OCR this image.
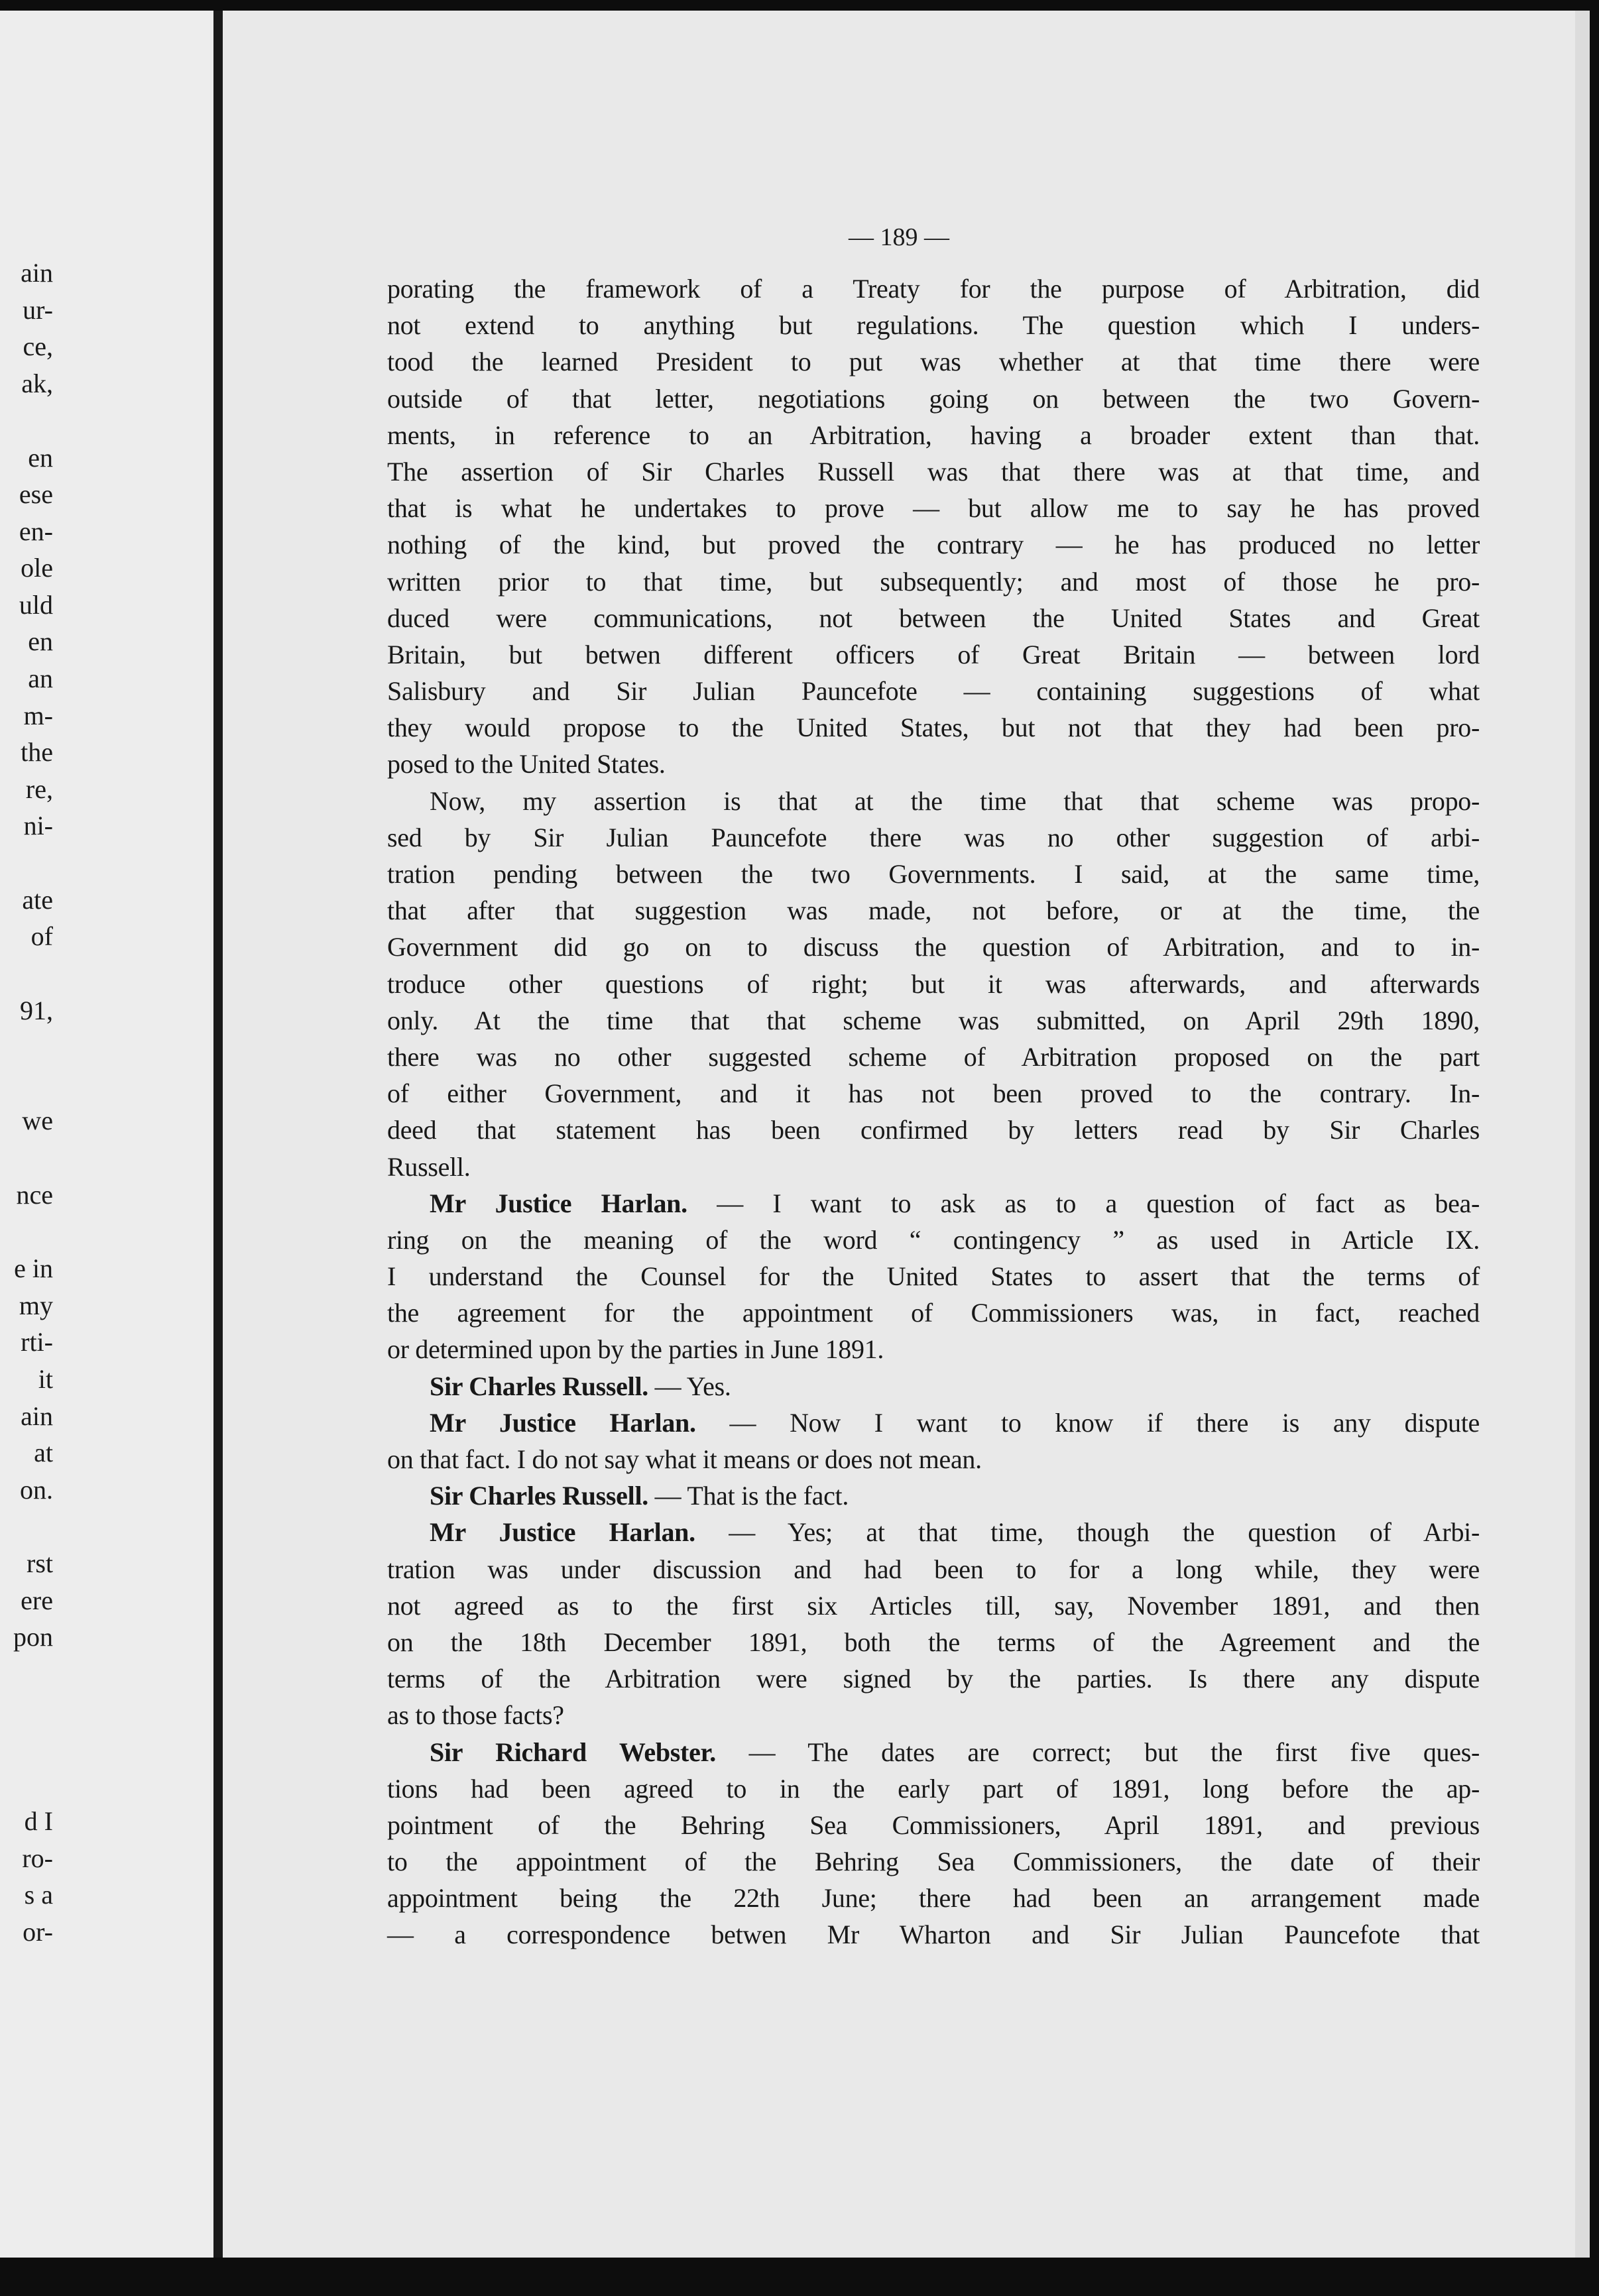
ain
ur-
ce,
ak,
en
ese
en-
ole
uld
en
an
m-
the
re,
ni-
ate
of
91,
we
nce
e in
my
rti-
it
ain
at
on.
rst
ere
pon
d I
ro-
s a
or-
— 189 —
porating the framework of a Treaty for the purpose of Arbitration, did
not extend to anything but regulations. The question which I unders-
tood the learned President to put was whether at that time there were
outside of that letter, negotiations going on between the two Govern-
ments, in reference to an Arbitration, having a broader extent than that.
The assertion of Sir Charles Russell was that there was at that time, and
that is what he undertakes to prove — but allow me to say he has proved
nothing of the kind, but proved the contrary — he has produced no letter
written prior to that time, but subsequently; and most of those he pro-
duced were communications, not between the United States and Great
Britain, but betwen different officers of Great Britain — between lord
Salisbury and Sir Julian Pauncefote — containing suggestions of what
they would propose to the United States, but not that they had been pro-
posed to the United States.
Now, my assertion is that at the time that that scheme was propo-
sed by Sir Julian Pauncefote there was no other suggestion of arbi-
tration pending between the two Governments. I said, at the same time,
that after that suggestion was made, not before, or at the time, the
Government did go on to discuss the question of Arbitration, and to in-
troduce other questions of right; but it was afterwards, and afterwards
only. At the time that that scheme was submitted, on April 29th 1890,
there was no other suggested scheme of Arbitration proposed on the part
of either Government, and it has not been proved to the contrary. In-
deed that statement has been confirmed by letters read by Sir Charles
Russell.
Mr Justice Harlan. — I want to ask as to a question of fact as bea-
ring on the meaning of the word “ contingency ” as used in Article IX.
I understand the Counsel for the United States to assert that the terms of
the agreement for the appointment of Commissioners was, in fact, reached
or determined upon by the parties in June 1891.
Sir Charles Russell. — Yes.
Mr Justice Harlan. — Now I want to know if there is any dispute
on that fact. I do not say what it means or does not mean.
Sir Charles Russell. — That is the fact.
Mr Justice Harlan. — Yes; at that time, though the question of Arbi-
tration was under discussion and had been to for a long while, they were
not agreed as to the first six Articles till, say, November 1891, and then
on the 18th December 1891, both the terms of the Agreement and the
terms of the Arbitration were signed by the parties. Is there any dispute
as to those facts?
Sir Richard Webster. — The dates are correct; but the first five ques-
tions had been agreed to in the early part of 1891, long before the ap-
pointment of the Behring Sea Commissioners, April 1891, and previous
to the appointment of the Behring Sea Commissioners, the date of their
appointment being the 22th June; there had been an arrangement made
— a correspondence betwen Mr Wharton and Sir Julian Pauncefote that
